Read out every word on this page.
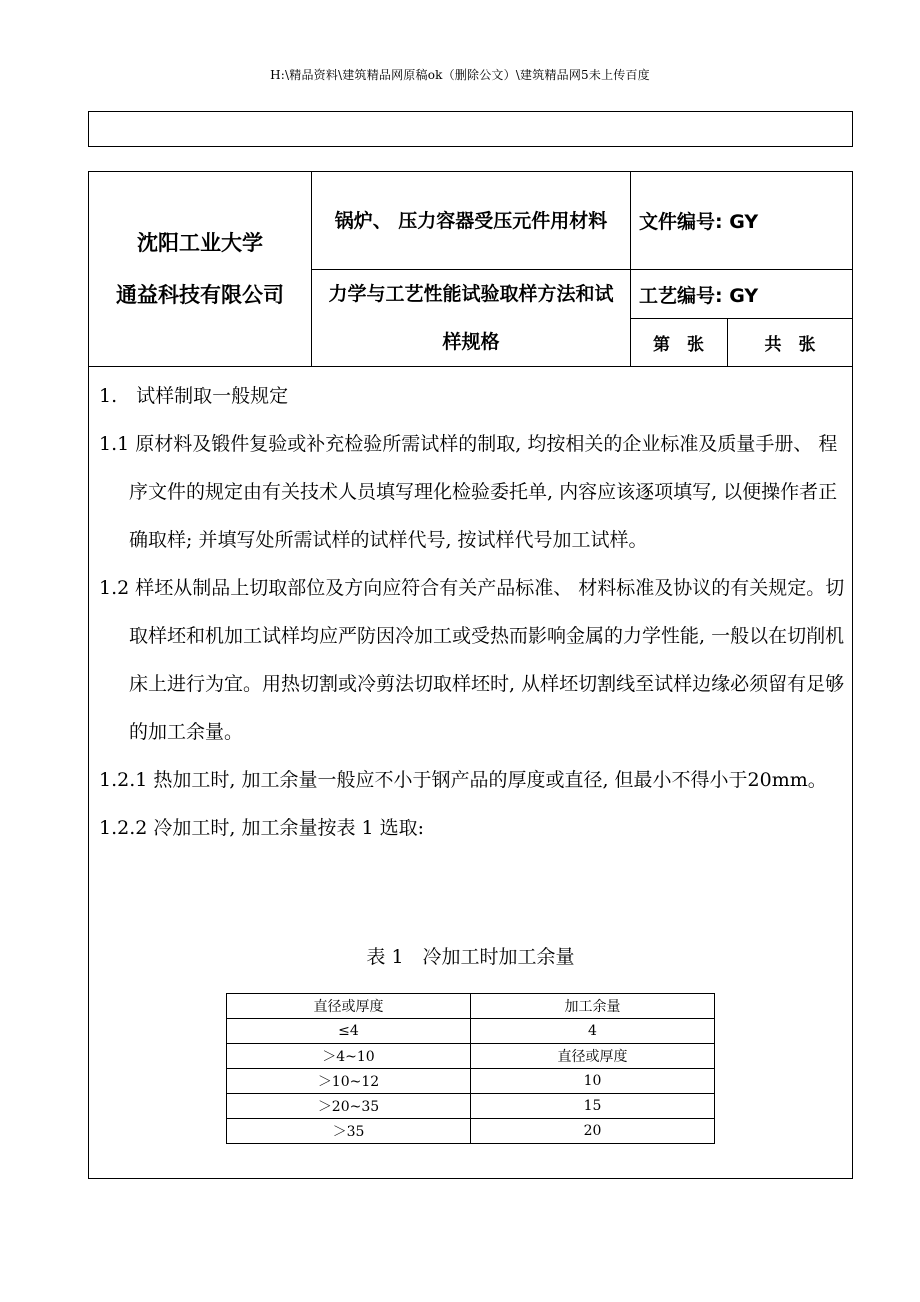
H:\精品资料\建筑精品网原稿ok（删除公文）\建筑精品网5未上传百度
沈阳工业大学
通益科技有限公司
锅炉、 压力容器受压元件用材料
力学与工艺性能试验取样方法和试样规格
文件编号: GY
工艺编号: GY
第　张	共　张

1.　试样制取一般规定

1.1 原材料及锻件复验或补充检验所需试样的制取, 均按相关的企业标准及质量手册、 程序文件的规定由有关技术人员填写理化检验委托单, 内容应该逐项填写, 以便操作者正确取样; 并填写处所需试样的试样代号, 按试样代号加工试样。

1.2 样坯从制品上切取部位及方向应符合有关产品标准、 材料标准及协议的有关规定。切取样坯和机加工试样均应严防因冷加工或受热而影响金属的力学性能, 一般以在切削机床上进行为宜。用热切割或冷剪法切取样坯时, 从样坯切割线至试样边缘必须留有足够的加工余量。

1.2.1 热加工时, 加工余量一般应不小于钢产品的厚度或直径, 但最小不得小于20mm。

1.2.2 冷加工时, 加工余量按表 1 选取:

表 1　冷加工时加工余量
直径或厚度	加工余量
≤4	4
＞4~10	直径或厚度
＞10~12	10
＞20~35	15
＞35	20
